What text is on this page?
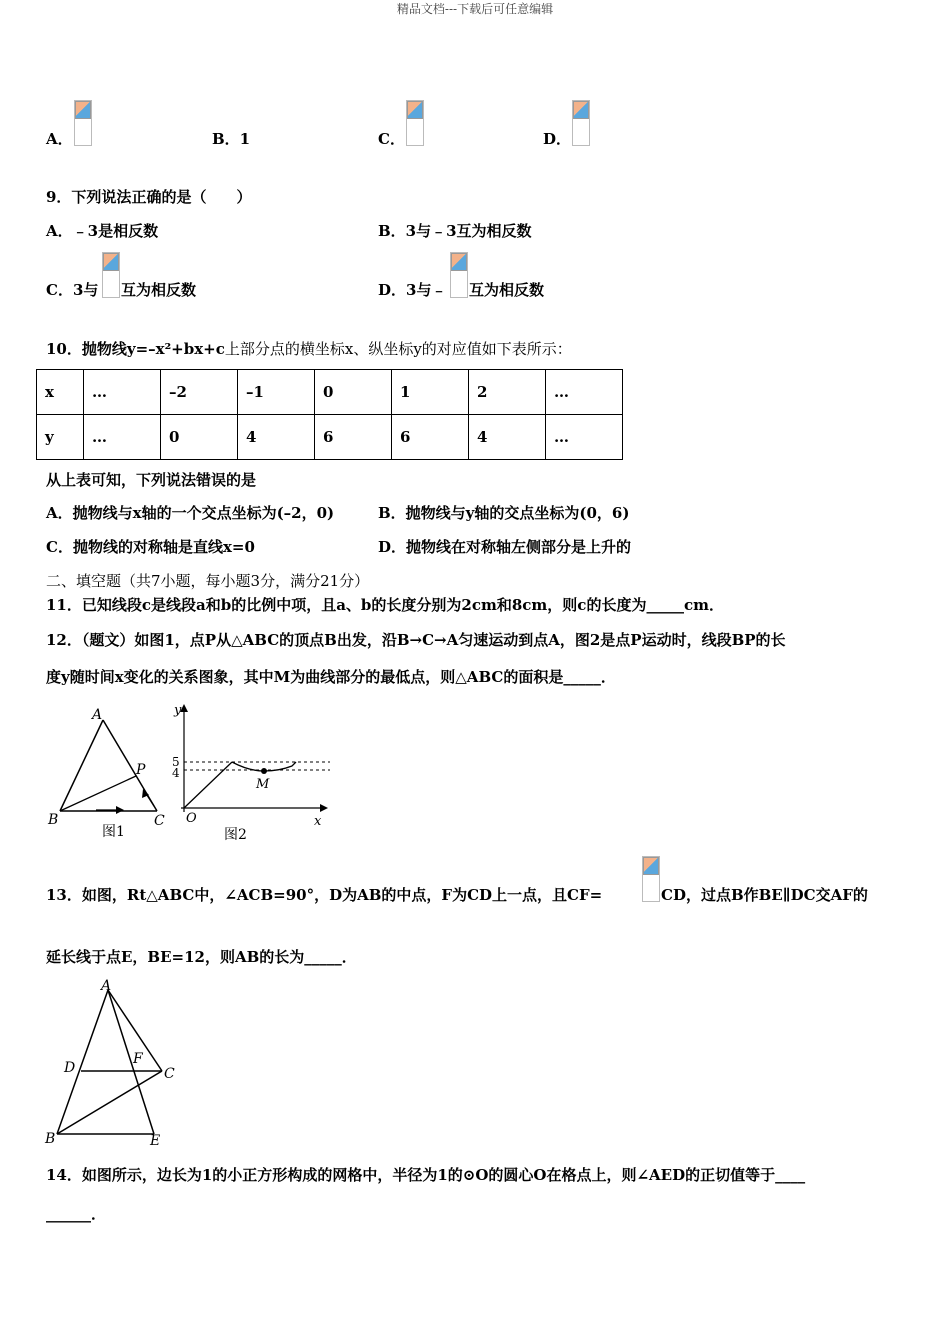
精品文档---下载后可任意编辑
A．	B．1	C．	D．
9．下列说法正确的是（　　）
A．﹣3是相反数	B．3与﹣3互为相反数
C．3与 互为相反数	D．3与﹣ 互为相反数
10．抛物线y=–x²+bx+c上部分点的横坐标x、纵坐标y的对应值如下表所示：
x	…	–2	–1	0	1	2	…
y	…	0	4	6	6	4	…
从上表可知，下列说法错误的是
A．抛物线与x轴的一个交点坐标为(–2，0)	B．抛物线与y轴的交点坐标为(0，6)
C．抛物线的对称轴是直线x=0	D．抛物线在对称轴左侧部分是上升的
二、填空题（共7小题，每小题3分，满分21分）
11．已知线段c是线段a和b的比例中项，且a、b的长度分别为2cm和8cm，则c的长度为_____cm．
12．（题文）如图1，点P从△ABC的顶点B出发，沿B→C→A匀速运动到点A，图2是点P运动时，线段BP的长
度y随时间x变化的关系图象，其中M为曲线部分的最低点，则△ABC的面积是_____．
A
B	C
P
图1
5
4
M
y
x
O
图2
13．如图，Rt△ABC中，∠ACB=90°，D为AB的中点，F为CD上一点，且CF=	CD，过点B作BE∥DC交AF的
延长线于点E，BE=12，则AB的长为_____．
A
B
C
D
E
F
14．如图所示，边长为1的小正方形构成的网格中，半径为1的⊙O的圆心O在格点上，则∠AED的正切值等于____
______．
